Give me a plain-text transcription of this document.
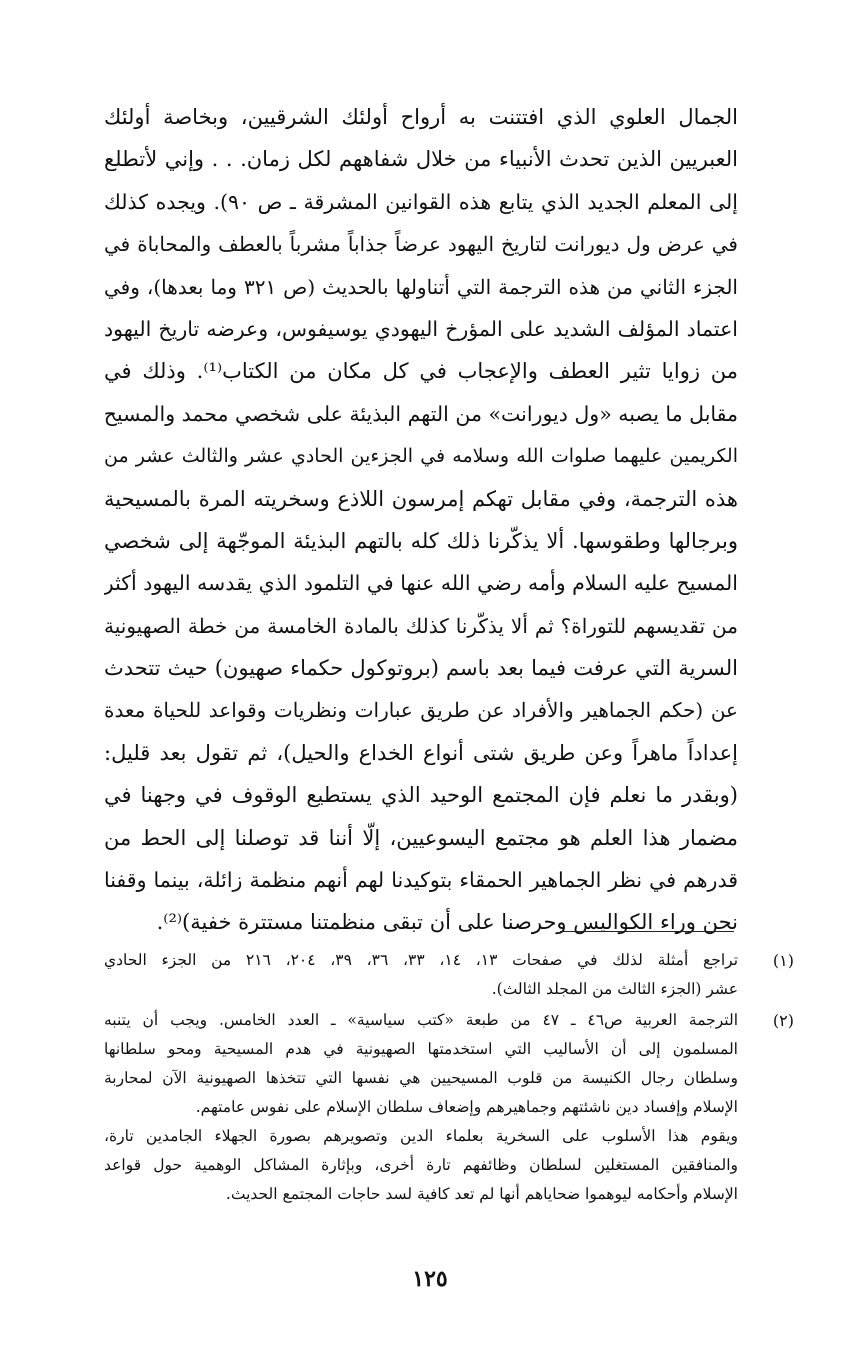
الجمال العلوي الذي افتتنت به أرواح أولئك الشرقيين، وبخاصة أولئك
العبريين الذين تحدث الأنبياء من خلال شفاههم لكل زمان. . . وإني لأتطلع
إلى المعلم الجديد الذي يتابع هذه القوانين المشرقة ـ ص ٩٠). ويجده كذلك
في عرض ول ديورانت لتاريخ اليهود عرضاً جذاباً مشرباً بالعطف والمحاباة في
الجزء الثاني من هذه الترجمة التي أتناولها بالحديث (ص ٣٢١ وما بعدها)، وفي
اعتماد المؤلف الشديد على المؤرخ اليهودي يوسيفوس، وعرضه تاريخ اليهود
من زوايا تثير العطف والإعجاب في كل مكان من الكتاب⁽¹⁾. وذلك في
مقابل ما يصبه «ول ديورانت» من التهم البذيئة على شخصي محمد والمسيح
الكريمين عليهما صلوات الله وسلامه في الجزءين الحادي عشر والثالث عشر من
هذه الترجمة، وفي مقابل تهكم إمرسون اللاذع وسخريته المرة بالمسيحية
وبرجالها وطقوسها. ألا يذكّرنا ذلك كله بالتهم البذيئة الموجّهة إلى شخصي
المسيح عليه السلام وأمه رضي الله عنها في التلمود الذي يقدسه اليهود أكثر
من تقديسهم للتوراة؟ ثم ألا يذكّرنا كذلك بالمادة الخامسة من خطة الصهيونية
السرية التي عرفت فيما بعد باسم (بروتوكول حكماء صهيون) حيث تتحدث
عن (حكم الجماهير والأفراد عن طريق عبارات ونظريات وقواعد للحياة معدة
إعداداً ماهراً وعن طريق شتى أنواع الخداع والحيل)، ثم تقول بعد قليل:
(وبقدر ما نعلم فإن المجتمع الوحيد الذي يستطيع الوقوف في وجهنا في
مضمار هذا العلم هو مجتمع اليسوعيين، إلّا أننا قد توصلنا إلى الحط من
قدرهم في نظر الجماهير الحمقاء بتوكيدنا لهم أنهم منظمة زائلة، بينما وقفنا
نحن وراء الكواليس وحرصنا على أن تبقى منظمتنا مستترة خفية)⁽²⁾.
(١)
تراجع أمثلة لذلك في صفحات ١٣، ١٤، ٣٣، ٣٦، ٣٩، ٢٠٤، ٢١٦ من الجزء الحادي
عشر (الجزء الثالث من المجلد الثالث).
(٢)
الترجمة العربية ص٤٦ ـ ٤٧ من طبعة «كتب سياسية» ـ العدد الخامس. ويجب أن يتنبه
المسلمون إلى أن الأساليب التي استخدمتها الصهيونية في هدم المسيحية ومحو سلطانها
وسلطان رجال الكنيسة من قلوب المسيحيين هي نفسها التي تتخذها الصهيونية الآن لمحاربة
الإسلام وإفساد دين ناشئتهم وجماهيرهم وإضعاف سلطان الإسلام على نفوس عامتهم.
ويقوم هذا الأسلوب على السخرية بعلماء الدين وتصويرهم بصورة الجهلاء الجامدين تارة،
والمنافقين المستغلين لسلطان وظائفهم تارة أخرى، وبإثارة المشاكل الوهمية حول قواعد
الإسلام وأحكامه ليوهموا ضحاياهم أنها لم تعد كافية لسد حاجات المجتمع الحديث.
١٢٥
